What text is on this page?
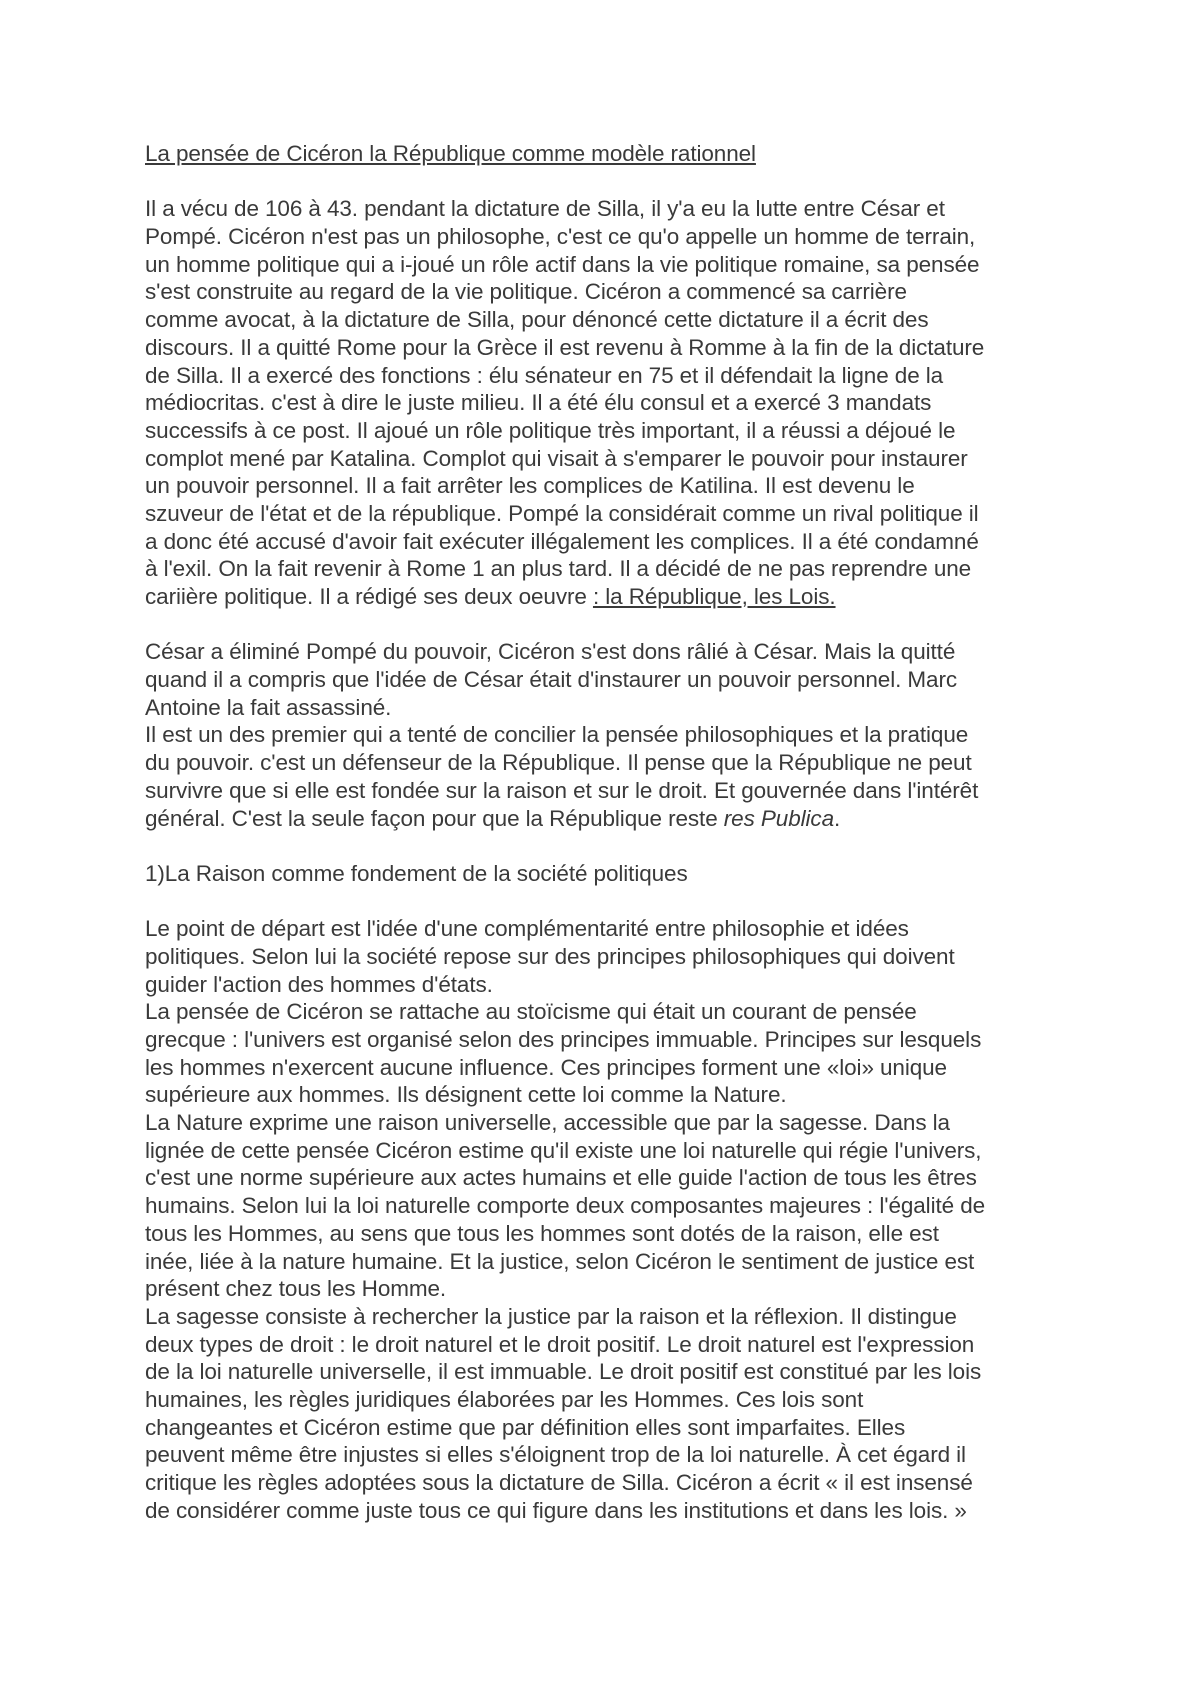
La pensée de Cicéron la République comme modèle rationnel
Il a vécu de 106 à 43. pendant la dictature de Silla, il y'a eu la lutte entre César et
Pompé. Cicéron n'est pas un philosophe, c'est ce qu'o appelle un homme de terrain,
un homme politique qui a i-joué un rôle actif dans la vie politique romaine, sa pensée
s'est construite au regard de la vie politique. Cicéron a commencé sa carrière
comme avocat, à la dictature de Silla, pour dénoncé cette dictature il a écrit des
discours. Il a quitté Rome pour la Grèce il est revenu à Romme à la fin de la dictature
de Silla. Il a exercé des fonctions : élu sénateur en 75 et il défendait la ligne de la
médiocritas. c'est à dire le juste milieu. Il a été élu consul et a exercé 3 mandats
successifs à ce post. Il ajoué un rôle politique très important, il a réussi a déjoué le
complot mené par Katalina. Complot qui visait à s'emparer le pouvoir pour instaurer
un pouvoir personnel. Il a fait arrêter les complices de Katilina. Il est devenu le
szuveur de l'état et de la république. Pompé la considérait comme un rival politique il
a donc été accusé d'avoir fait exécuter illégalement les complices. Il a été condamné
à l'exil. On la fait revenir à Rome 1 an plus tard. Il a décidé de ne pas reprendre une
cariière politique. Il a rédigé ses deux oeuvre : la République, les Lois.
César a éliminé Pompé du pouvoir, Cicéron s'est dons râlié à César. Mais la quitté
quand il a compris que l'idée de César était d'instaurer un pouvoir personnel. Marc
Antoine la fait assassiné.
Il est un des premier qui a tenté de concilier la pensée philosophiques et la pratique
du pouvoir. c'est un défenseur de la République. Il pense que la République ne peut
survivre que si elle est fondée sur la raison et sur le droit. Et gouvernée dans l'intérêt
général. C'est la seule façon pour que la République reste res Publica.
1)La Raison comme fondement de la société politiques
Le point de départ est l'idée d'une complémentarité entre philosophie et idées
politiques. Selon lui la société repose sur des principes philosophiques qui doivent
guider l'action des hommes d'états.
La pensée de Cicéron se rattache au stoïcisme qui était un courant de pensée
grecque : l'univers est organisé selon des principes immuable. Principes sur lesquels
les hommes n'exercent aucune influence. Ces principes forment une «loi» unique
supérieure aux hommes. Ils désignent cette loi comme la Nature.
La Nature exprime une raison universelle, accessible que par la sagesse. Dans la
lignée de cette pensée Cicéron estime qu'il existe une loi naturelle qui régie l'univers,
c'est une norme supérieure aux actes humains et elle guide l'action de tous les êtres
humains. Selon lui la loi naturelle comporte deux composantes majeures : l'égalité de
tous les Hommes, au sens que tous les hommes sont dotés de la raison, elle est
inée, liée à la nature humaine. Et la justice, selon Cicéron le sentiment de justice est
présent chez tous les Homme.
La sagesse consiste à rechercher la justice par la raison et la réflexion. Il distingue
deux types de droit : le droit naturel et le droit positif. Le droit naturel est l'expression
de la loi naturelle universelle, il est immuable. Le droit positif est constitué par les lois
humaines, les règles juridiques élaborées par les Hommes. Ces lois sont
changeantes et Cicéron estime que par définition elles sont imparfaites. Elles
peuvent même être injustes si elles s'éloignent trop de la loi naturelle. À cet égard il
critique les règles adoptées sous la dictature de Silla. Cicéron a écrit « il est insensé
de considérer comme juste tous ce qui figure dans les institutions et dans les lois. »
